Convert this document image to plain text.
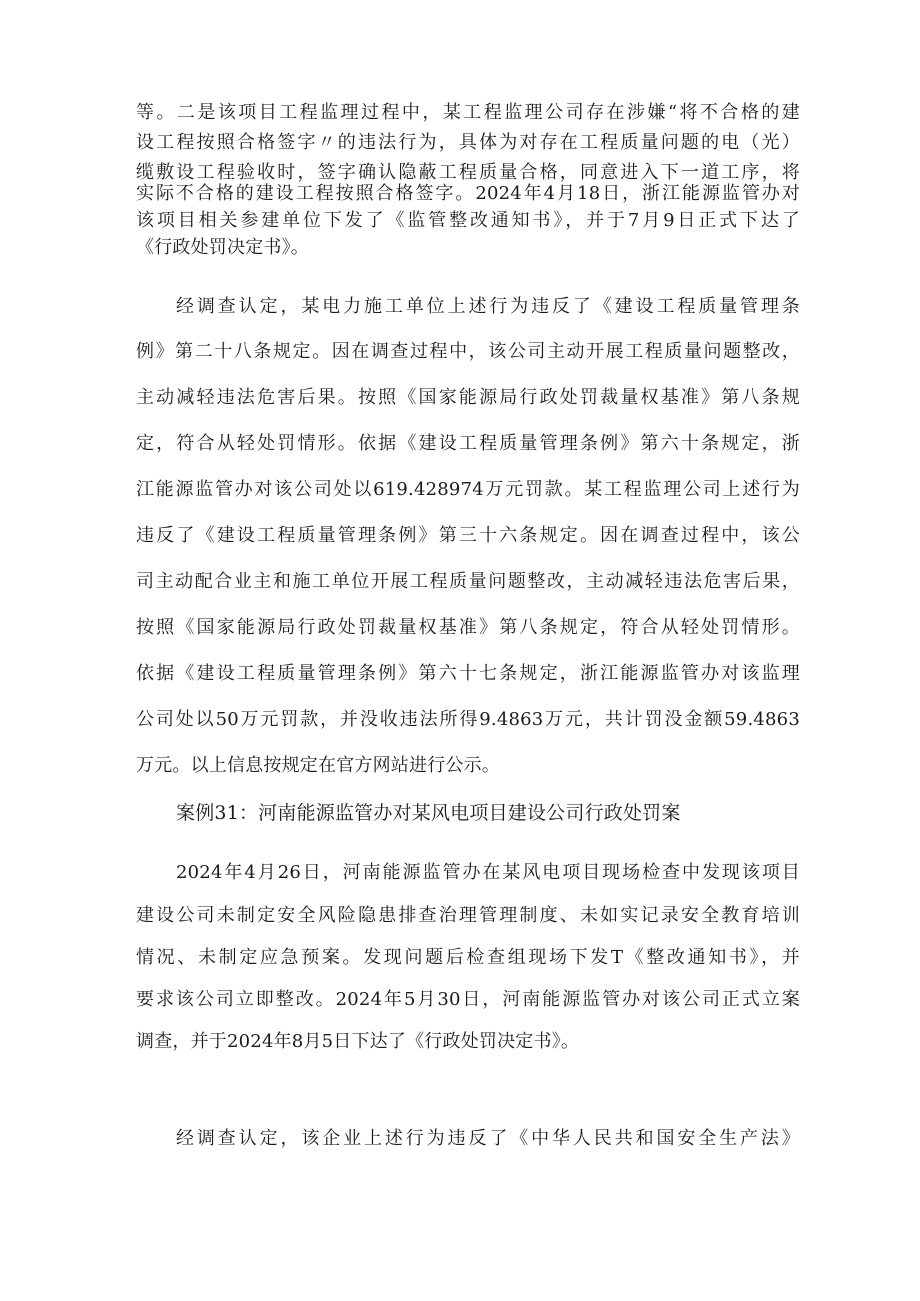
等。二是该项目工程监理过程中，某工程监理公司存在涉嫌“将不合格的建
设工程按照合格签字〃的违法行为，具体为对存在工程质量问题的电（光）
缆敷设工程验收时，签字确认隐蔽工程质量合格，同意进入下一道工序，将
实际不合格的建设工程按照合格签字。2024年4月18日，浙江能源监管办对
该项目相关参建单位下发了《监管整改通知书》，并于7月9日正式下达了
《行政处罚决定书》。
经调查认定，某电力施工单位上述行为违反了《建设工程质量管理条
例》第二十八条规定。因在调查过程中，该公司主动开展工程质量问题整改，
主动减轻违法危害后果。按照《国家能源局行政处罚裁量权基准》第八条规
定，符合从轻处罚情形。依据《建设工程质量管理条例》第六十条规定，浙
江能源监管办对该公司处以619.428974万元罚款。某工程监理公司上述行为
违反了《建设工程质量管理条例》第三十六条规定。因在调查过程中，该公
司主动配合业主和施工单位开展工程质量问题整改，主动减轻违法危害后果，
按照《国家能源局行政处罚裁量权基准》第八条规定，符合从轻处罚情形。
依据《建设工程质量管理条例》第六十七条规定，浙江能源监管办对该监理
公司处以50万元罚款，并没收违法所得9.4863万元，共计罚没金额59.4863
万元。以上信息按规定在官方网站进行公示。
案例31：河南能源监管办对某风电项目建设公司行政处罚案
2024年4月26日，河南能源监管办在某风电项目现场检查中发现该项目
建设公司未制定安全风险隐患排查治理管理制度、未如实记录安全教育培训
情况、未制定应急预案。发现问题后检查组现场下发T《整改通知书》，并
要求该公司立即整改。2024年5月30日，河南能源监管办对该公司正式立案
调查，并于2024年8月5日下达了《行政处罚决定书》。
经调查认定，该企业上述行为违反了《中华人民共和国安全生产法》
